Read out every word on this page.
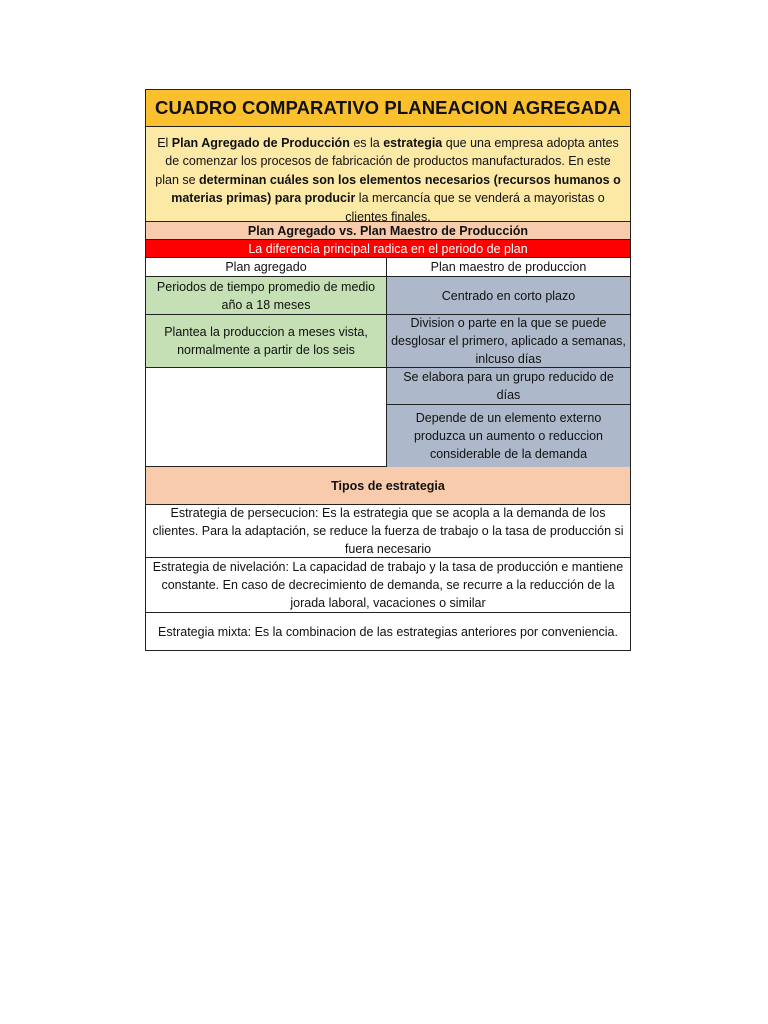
CUADRO COMPARATIVO PLANEACION AGREGADA
El Plan Agregado de Producción es la estrategia que una empresa adopta antes de comenzar los procesos de fabricación de productos manufacturados. En este plan se determinan cuáles son los elementos necesarios (recursos humanos o materias primas) para producir la mercancía que se venderá a mayoristas o clientes finales.
Plan Agregado vs. Plan Maestro de Producción
La diferencia principal radica en el periodo de plan
Plan agregado	Plan maestro de produccion
Periodos de tiempo promedio de medio año a 18 meses
Plantea la produccion a meses vista, normalmente a partir de los seis
Centrado en corto plazo
Division o parte en la que se puede desglosar el primero, aplicado a semanas, inlcuso días
Se elabora para un grupo reducido de días
Depende de un elemento externo produzca un aumento o reduccion considerable de la demanda
Tipos de estrategia
Estrategia de persecucion: Es la estrategia que se acopla a la demanda de los clientes. Para la adaptación, se reduce la fuerza de trabajo o la tasa de producción si fuera necesario
Estrategia de nivelación: La capacidad de trabajo y la tasa de producción e mantiene constante. En caso de decrecimiento de demanda, se recurre a la reducción de la jorada laboral, vacaciones o similar
Estrategia mixta: Es la combinacion de las estrategias anteriores por conveniencia.
